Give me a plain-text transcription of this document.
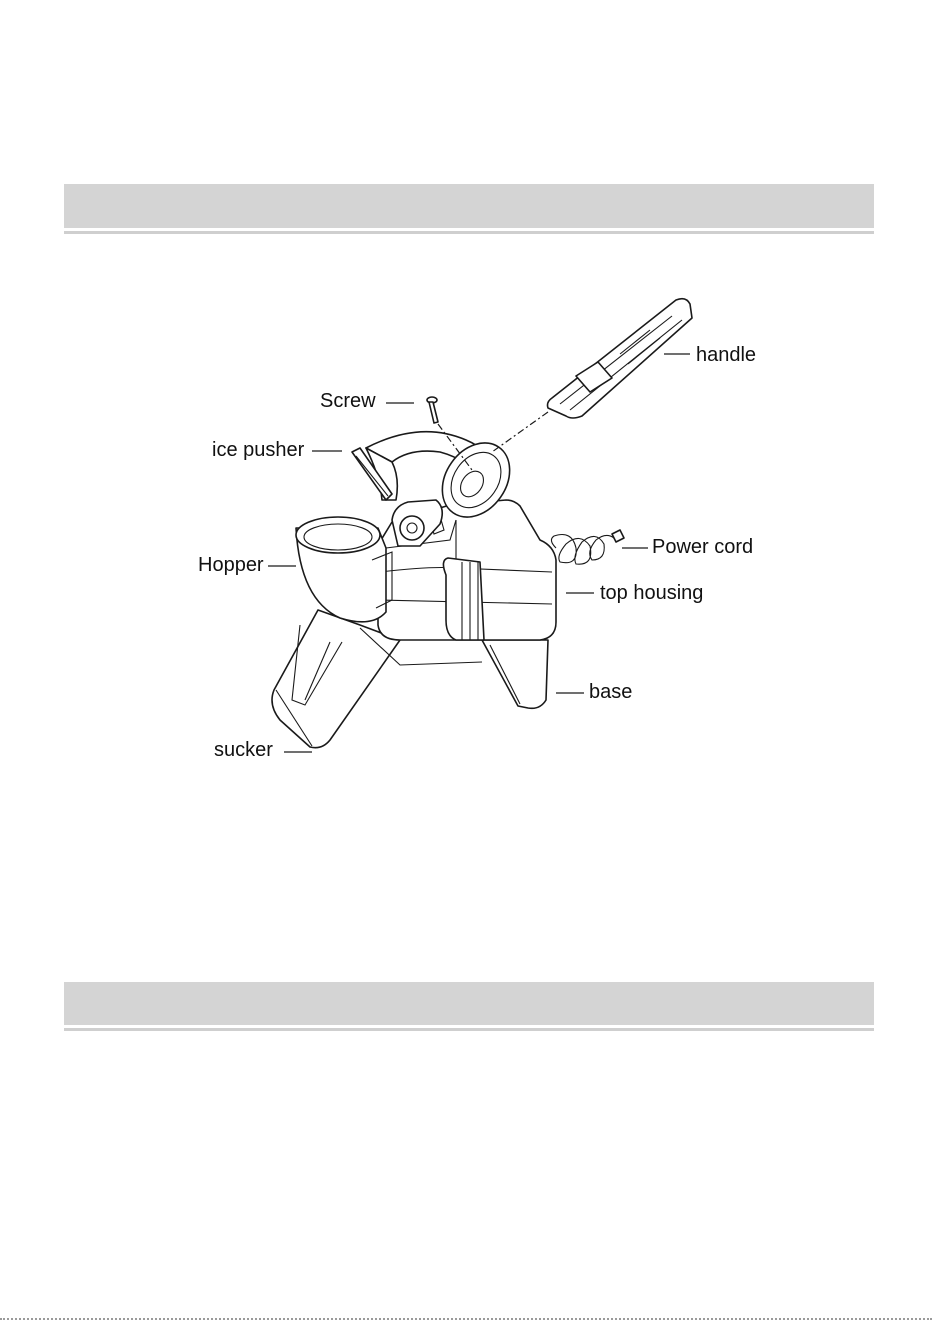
handle
Screw
ice pusher
Hopper
Power cord
top housing
base
sucker
